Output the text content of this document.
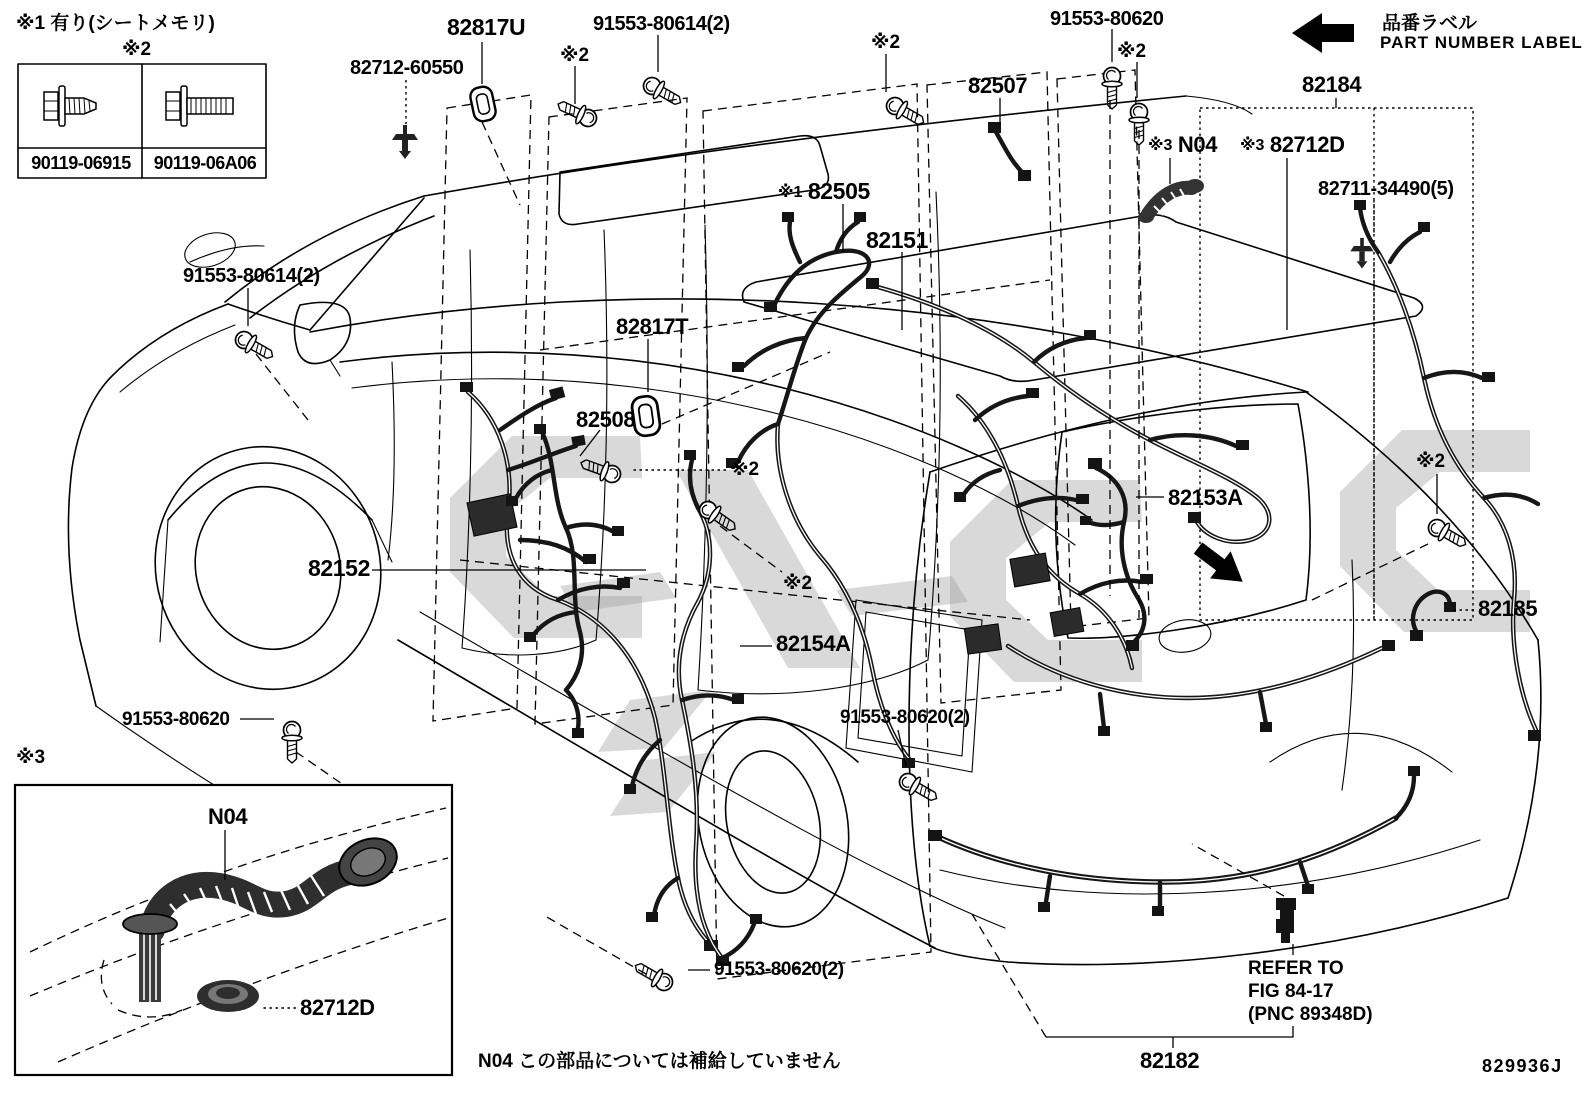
※1 有り(シートメモリ)
※2
90119-06915	90119-06A06
82712-60550
82817U
※2
91553-80614(2)
※2
91553-80620
※2
82507	82184
品番ラベル
PART NUMBER LABEL
※3 N04 ※3 82712D
82711-34490(5)
※1 82505
82151
91553-80614(2)
82817T
82508
※2
82153A
※2
82152
※2
82185
82154A
91553-80620(2)
91553-80620
※3
N04
82712D
91553-80620(2)	REFER TO
FIG 84-17
(PNC 89348D)
82182	829936J
N04 この部品については補給していません
